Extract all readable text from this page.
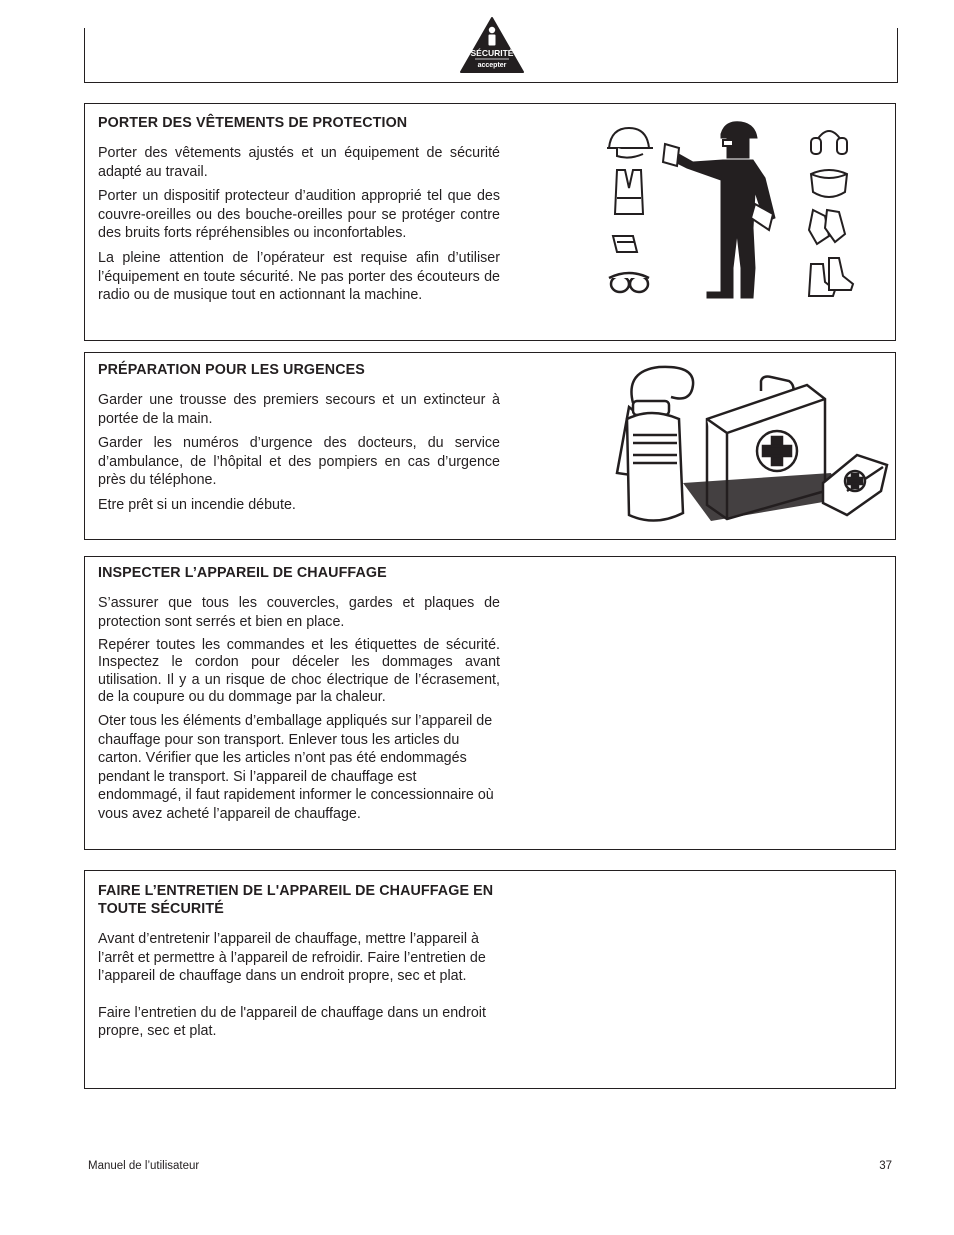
SÉCURITÉ
accepter
PORTER DES VÊTEMENTS DE PROTECTION

Porter des vêtements ajustés et un équipement de sécurité adapté au travail.

Porter un dispositif protecteur d’audition approprié tel que des couvre-oreilles ou des bouche-oreilles pour se protéger contre des bruits forts répréhensibles ou inconfortables.

La pleine attention de l’opérateur est requise afin d’utiliser l’équipement en toute sécurité. Ne pas porter des écouteurs de radio ou de musique tout en actionnant la machine.

PRÉPARATION POUR LES URGENCES

Garder une trousse des premiers secours et un extincteur à portée de la main.

Garder les numéros d’urgence des docteurs, du service d’ambulance, de l’hôpital et des pompiers en cas d’urgence près du téléphone.

Etre prêt si un incendie débute.

INSPECTER L’APPAREIL DE CHAUFFAGE

S’assurer que tous les couvercles, gardes et plaques de protection sont serrés et bien en place.

Repérer toutes les commandes et les étiquettes de sécurité. Inspectez le cordon pour déceler les dommages avant utilisation. Il y a un risque de choc électrique de l’écrasement, de la coupure ou du dommage par la chaleur.

Oter tous les éléments d’emballage appliqués sur l’appareil de chauffage pour son transport. Enlever tous les articles du carton. Vérifier que les articles n’ont pas été endommagés pendant le transport. Si l’appareil de chauffage est endommagé, il faut rapidement informer le concessionnaire où vous avez acheté l’appareil de chauffage.

FAIRE L’ENTRETIEN DE L'APPAREIL DE CHAUFFAGE EN TOUTE SÉCURITÉ

Avant d’entretenir l’appareil de chauffage, mettre l’appareil à l’arrêt et permettre à l’appareil de refroidir. Faire l’entretien de l’appareil de chauffage dans un endroit propre, sec et plat.

Faire l’entretien du de l'appareil de chauffage dans un endroit propre, sec et plat.

Manuel de l’utilisateur	37
